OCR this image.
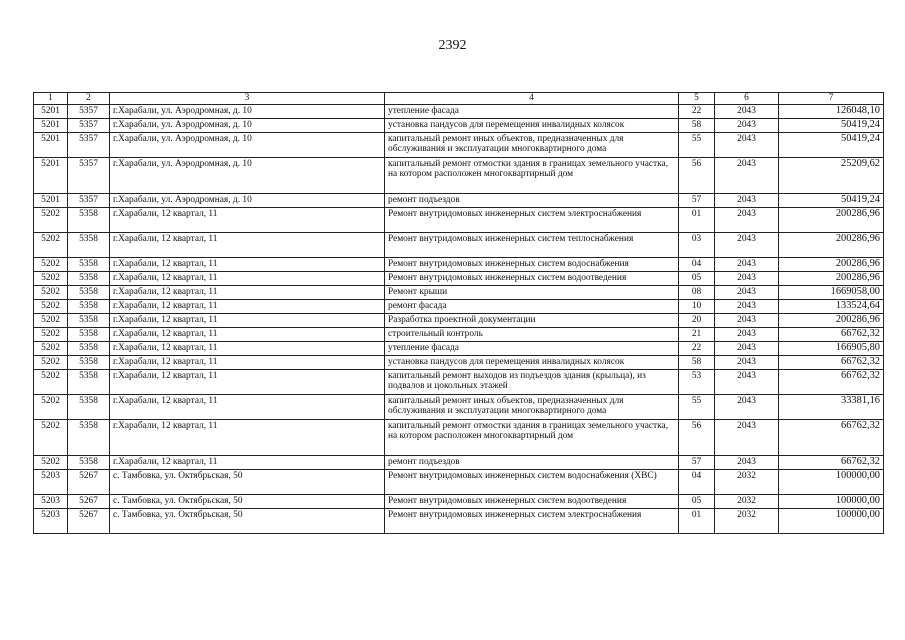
2392
1	2	3	4	5	6	7
5201	5357	г.Харабали, ул. Аэродромная, д. 10	утепление фасада	22	2043	126048,10
5201	5357	г.Харабали, ул. Аэродромная, д. 10	установка пандусов для перемещения инвалидных колясок	58	2043	50419,24
5201	5357	г.Харабали, ул. Аэродромная, д. 10	капитальный ремонт иных объектов, предназначенных для обслуживания и эксплуатации многоквартирного дома	55	2043	50419,24
5201	5357	г.Харабали, ул. Аэродромная, д. 10	капитальный ремонт отмостки здания в границах земельного участка, на котором расположен многоквартирный дом	56	2043	25209,62
5201	5357	г.Харабали, ул. Аэродромная, д. 10	ремонт подъездов	57	2043	50419,24
5202	5358	г.Харабали, 12 квартал, 11	Ремонт внутридомовых инженерных систем электроснабжения	01	2043	200286,96
5202	5358	г.Харабали, 12 квартал, 11	Ремонт внутридомовых инженерных систем теплоснабжения	03	2043	200286,96
5202	5358	г.Харабали, 12 квартал, 11	Ремонт внутридомовых инженерных систем водоснабжения	04	2043	200286,96
5202	5358	г.Харабали, 12 квартал, 11	Ремонт внутридомовых инженерных систем водоотведения	05	2043	200286,96
5202	5358	г.Харабали, 12 квартал, 11	Ремонт крыши	08	2043	1669058,00
5202	5358	г.Харабали, 12 квартал, 11	ремонт фасада	10	2043	133524,64
5202	5358	г.Харабали, 12 квартал, 11	Разработка проектной документации	20	2043	200286,96
5202	5358	г.Харабали, 12 квартал, 11	строительный контроль	21	2043	66762,32
5202	5358	г.Харабали, 12 квартал, 11	утепление фасада	22	2043	166905,80
5202	5358	г.Харабали, 12 квартал, 11	установка пандусов для перемещения инвалидных колясок	58	2043	66762,32
5202	5358	г.Харабали, 12 квартал, 11	капитальный ремонт выходов из подъездов здания (крыльца), из подвалов и цокольных этажей	53	2043	66762,32
5202	5358	г.Харабали, 12 квартал, 11	капитальный ремонт иных объектов, предназначенных для обслуживания и эксплуатации многоквартирного дома	55	2043	33381,16
5202	5358	г.Харабали, 12 квартал, 11	капитальный ремонт отмостки здания в границах земельного участка, на котором расположен многоквартирный дом	56	2043	66762,32
5202	5358	г.Харабали, 12 квартал, 11	ремонт подъездов	57	2043	66762,32
5203	5267	с. Тамбовка, ул. Октябрьская, 50	Ремонт внутридомовых инженерных систем водоснабжения (ХВС)	04	2032	100000,00
5203	5267	с. Тамбовка, ул. Октябрьская, 50	Ремонт внутридомовых инженерных систем водоотведения	05	2032	100000,00
5203	5267	с. Тамбовка, ул. Октябрьская, 50	Ремонт внутридомовых инженерных систем электроснабжения	01	2032	100000,00
